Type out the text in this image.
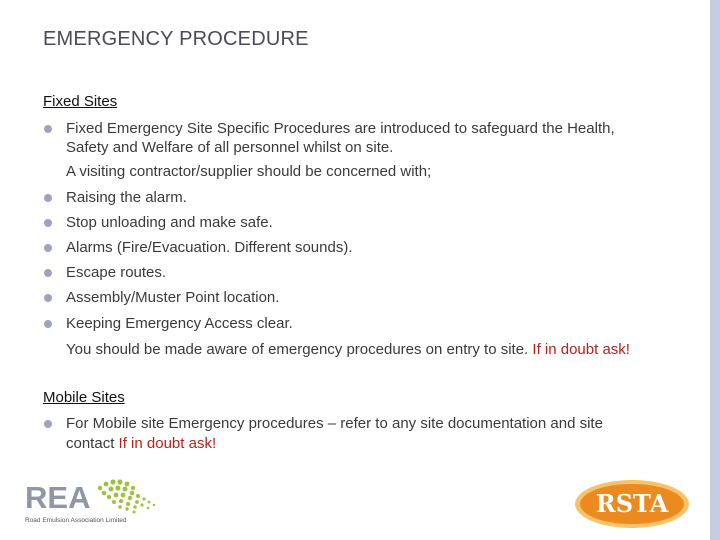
EMERGENCY PROCEDURE
Fixed Sites
Fixed Emergency Site Specific Procedures are introduced to safeguard the Health,
Safety and Welfare of all personnel whilst on site.
A visiting contractor/supplier should be concerned with;
Raising the alarm.
Stop unloading and make safe.
Alarms (Fire/Evacuation. Different sounds).
Escape routes.
Assembly/Muster Point location.
Keeping Emergency Access clear.
You should be made aware of emergency procedures on entry to site. If in doubt ask!
Mobile Sites
For Mobile site Emergency procedures – refer to any site documentation and site
contact If in doubt ask!
REA
Road Emulsion Association Limited
RSTA
